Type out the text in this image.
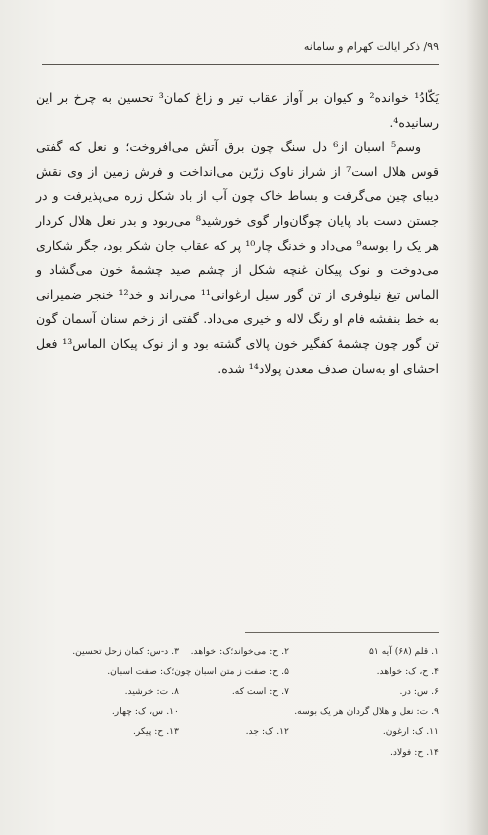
۹۹/ ذکر ایالت کهرام و سامانه

یَکّادُ¹ خوانده² و کیوان بر آواز عقاب تیر و زاغ کمان³ تحسین به چرخ بر این رسانیده⁴.

وسم⁵ اسبان از⁶ دل سنگ چون برق آتش می‌افروخت؛ و نعل که گفتی قوس هلال است⁷ از شراز ناوک زرّین می‌انداخت و فرش زمین از وی نقش دیبای چین می‌گرفت و بساط خاک چون آب از باد شکل زره می‌پذیرفت و در جستن دست باد پایان چوگان‌وار گوی خورشید⁸ می‌ربود و بدر نعل هلال کردار هر یک را بوسه⁹ می‌داد و خدنگ چار¹⁰ پر که عقاب جان شکر بود، جگر شکاری می‌دوخت و نوک پیکان غنچه شکل از چشم صید چشمهٔ خون می‌گشاد و الماس تیغ نیلوفری از تن گور سیل ارغوانی¹¹ می‌راند و خد¹² خنجر ضمیرانی به خط بنفشه فام او رنگ لاله و خیری می‌داد. گفتی از زخم سنان آسمان گون تن گور چون چشمهٔ کفگیر خون پالای گشته بود و از نوک پیکان الماس¹³ فعل احشای او به‌سان صدف معدن پولاد¹⁴ شده.

۱. قلم (۶۸) آیه ۵۱
۲. ح: می‌خواند؛ک: خواهد.
۳. د-س: کمان زحل تحسین.
۴. ح، ک: خواهد.
۵. ح: صفت ز متن اسبان چون؛ک: صفت اسبان.
۶. س: در.
۷. ح: است که.
۸. ت: خرشید.
۹. ت: نعل و هلال گردان هر یک بوسه.
۱۰. س، ک: چهار.
۱۱. ک: ارغون.
۱۲. ک: جد.
۱۳. ح: پیکر.
۱۴. ح: فولاد.
